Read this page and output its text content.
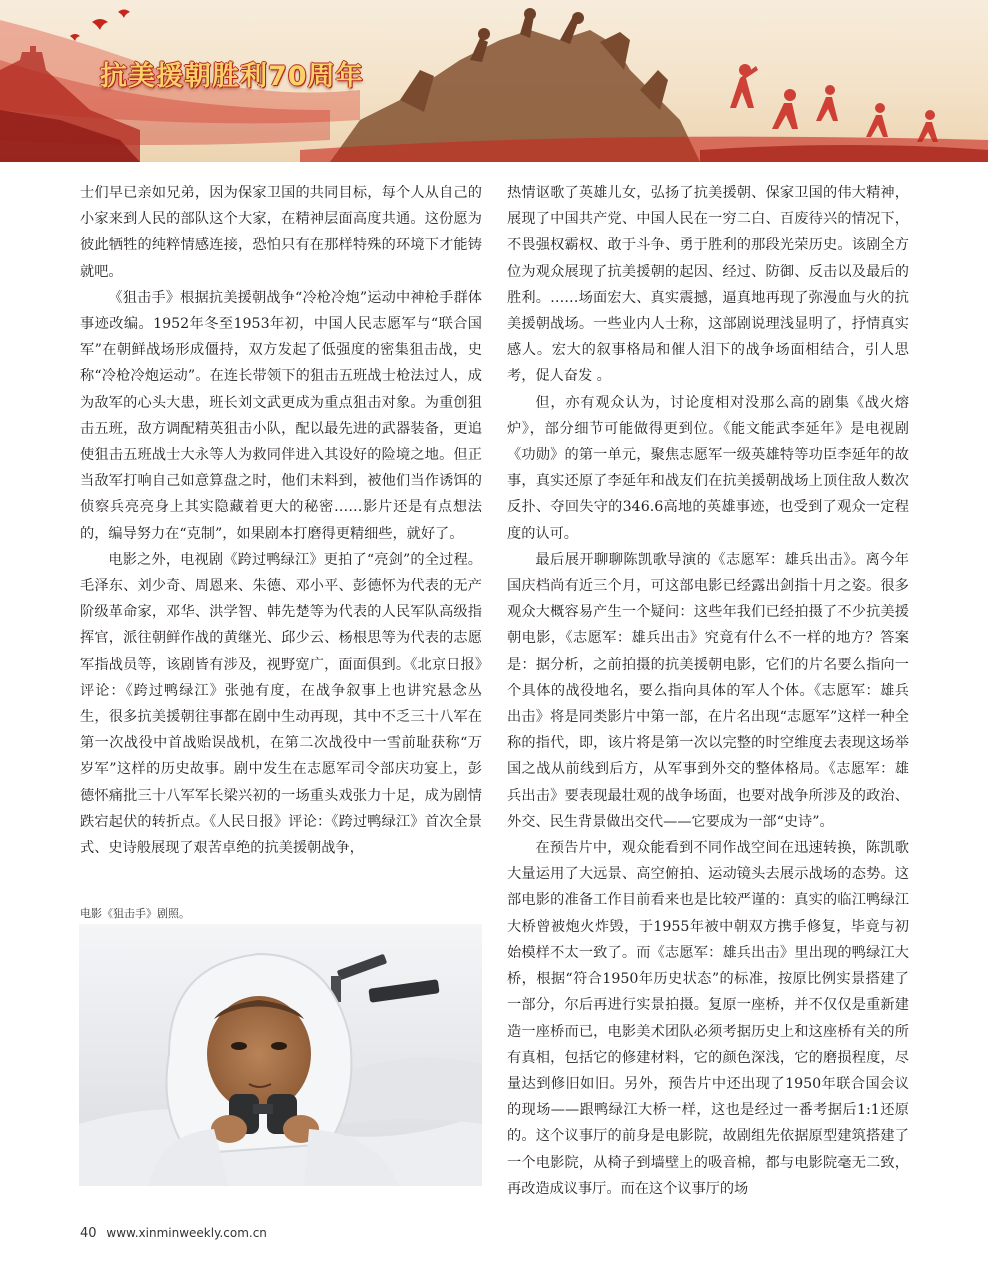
抗美援朝胜利70周年

士们早已亲如兄弟，因为保家卫国的共同目标，每个人从自己的小家来到人民的部队这个大家，在精神层面高度共通。这份愿为彼此牺牲的纯粹情感连接，恐怕只有在那样特殊的环境下才能铸就吧。

《狙击手》根据抗美援朝战争“冷枪冷炮”运动中神枪手群体事迹改编。1952年冬至1953年初，中国人民志愿军与“联合国军”在朝鲜战场形成僵持，双方发起了低强度的密集狙击战，史称“冷枪冷炮运动”。在连长带领下的狙击五班战士枪法过人，成为敌军的心头大患，班长刘文武更成为重点狙击对象。为重创狙击五班，敌方调配精英狙击小队，配以最先进的武器装备，更追使狙击五班战士大永等人为救同伴进入其设好的险境之地。但正当敌军打响自己如意算盘之时，他们未料到，被他们当作诱饵的侦察兵亮亮身上其实隐藏着更大的秘密……影片还是有点想法的，编导努力在“克制”，如果剧本打磨得更精细些，就好了。

电影之外，电视剧《跨过鸭绿江》更拍了“亮剑”的全过程。毛泽东、刘少奇、周恩来、朱德、邓小平、彭德怀为代表的无产阶级革命家，邓华、洪学智、韩先楚等为代表的人民军队高级指挥官，派往朝鲜作战的黄继光、邱少云、杨根思等为代表的志愿军指战员等，该剧皆有涉及，视野宽广，面面俱到。《北京日报》评论：《跨过鸭绿江》张弛有度，在战争叙事上也讲究悬念丛生，很多抗美援朝往事都在剧中生动再现，其中不乏三十八军在第一次战役中首战贻误战机，在第二次战役中一雪前耻获称“万岁军”这样的历史故事。剧中发生在志愿军司令部庆功宴上，彭德怀痛批三十八军军长梁兴初的一场重头戏张力十足，成为剧情跌宕起伏的转折点。《人民日报》评论：《跨过鸭绿江》首次全景式、史诗般展现了艰苦卓绝的抗美援朝战争，

电影《狙击手》剧照。

热情讴歌了英雄儿女，弘扬了抗美援朝、保家卫国的伟大精神，展现了中国共产党、中国人民在一穷二白、百废待兴的情况下，不畏强权霸权、敢于斗争、勇于胜利的那段光荣历史。该剧全方位为观众展现了抗美援朝的起因、经过、防御、反击以及最后的胜利。……场面宏大、真实震撼，逼真地再现了弥漫血与火的抗美援朝战场。一些业内人士称，这部剧说理浅显明了，抒情真实感人。宏大的叙事格局和催人泪下的战争场面相结合，引人思考，促人奋发 。

但，亦有观众认为，讨论度相对没那么高的剧集《战火熔炉》，部分细节可能做得更到位。《能文能武李延年》是电视剧《功勋》的第一单元，聚焦志愿军一级英雄特等功臣李延年的故事，真实还原了李延年和战友们在抗美援朝战场上顶住敌人数次反扑、夺回失守的346.6高地的英雄事迹，也受到了观众一定程度的认可。

最后展开聊聊陈凯歌导演的《志愿军：雄兵出击》。离今年国庆档尚有近三个月，可这部电影已经露出剑指十月之姿。很多观众大概容易产生一个疑问：这些年我们已经拍摄了不少抗美援朝电影，《志愿军：雄兵出击》究竟有什么不一样的地方？答案是：据分析，之前拍摄的抗美援朝电影，它们的片名要么指向一个具体的战役地名，要么指向具体的军人个体。《志愿军：雄兵出击》将是同类影片中第一部，在片名出现“志愿军”这样一种全称的指代，即，该片将是第一次以完整的时空维度去表现这场举国之战从前线到后方，从军事到外交的整体格局。《志愿军：雄兵出击》要表现最壮观的战争场面，也要对战争所涉及的政治、外交、民生背景做出交代——它要成为一部“史诗”。

在预告片中，观众能看到不同作战空间在迅速转换，陈凯歌大量运用了大远景、高空俯拍、运动镜头去展示战场的态势。这部电影的准备工作目前看来也是比较严谨的：真实的临江鸭绿江大桥曾被炮火炸毁，于1955年被中朝双方携手修复，毕竟与初始模样不太一致了。而《志愿军：雄兵出击》里出现的鸭绿江大桥，根据“符合1950年历史状态”的标准，按原比例实景搭建了一部分，尔后再进行实景拍摄。复原一座桥，并不仅仅是重新建造一座桥而已，电影美术团队必须考据历史上和这座桥有关的所有真相，包括它的修建材料，它的颜色深浅，它的磨损程度，尽量达到修旧如旧。另外，预告片中还出现了1950年联合国会议的现场——跟鸭绿江大桥一样，这也是经过一番考据后1:1还原的。这个议事厅的前身是电影院，故剧组先依据原型建筑搭建了一个电影院，从椅子到墙壁上的吸音棉，都与电影院毫无二致，再改造成议事厅。而在这个议事厅的场

40 www.xinminweekly.com.cn
